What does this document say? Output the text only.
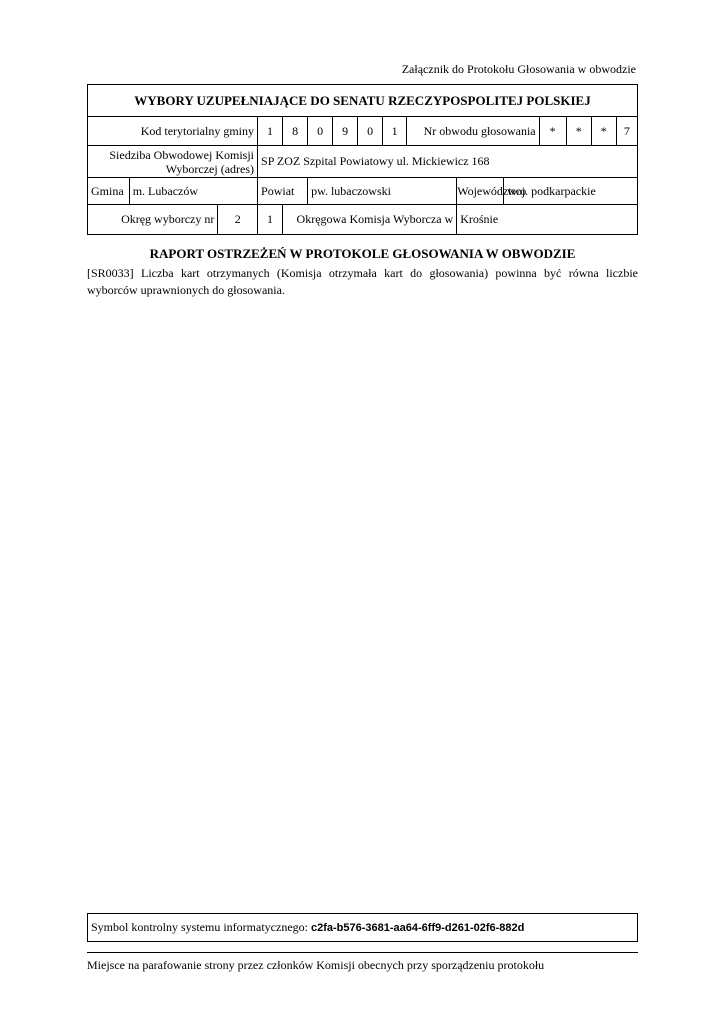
Załącznik do Protokołu Głosowania w obwodzie
WYBORY UZUPEŁNIAJĄCE DO SENATU RZECZYPOSPOLITEJ POLSKIEJ															
Kod terytorialny gminy			1	8	0	9	0	1	Nr obwodu głosowania			*	*	*	7

Siedziba Obwodowej Komisji
Wyborczej (adres)			SP ZOZ Szpital Powiatowy ul. Mickiewicz 168												
Gmina	m. Lubaczów		Powiat		pw. lubaczowski					Województwo	woj. podkarpackie				
Okręg wyborczy nr		2	1	Okręgowa Komisja Wyborcza w						Krośnie					
RAPORT OSTRZEŻEŃ W PROTOKOLE GŁOSOWANIA W OBWODZIE
[SR0033] Liczba kart otrzymanych (Komisja otrzymała kart do głosowania) powinna być równa liczbie wyborców uprawnionych do głosowania.
Symbol kontrolny systemu informatycznego: c2fa-b576-3681-aa64-6ff9-d261-02f6-882d
Miejsce na parafowanie strony przez członków Komisji obecnych przy sporządzeniu protokołu
